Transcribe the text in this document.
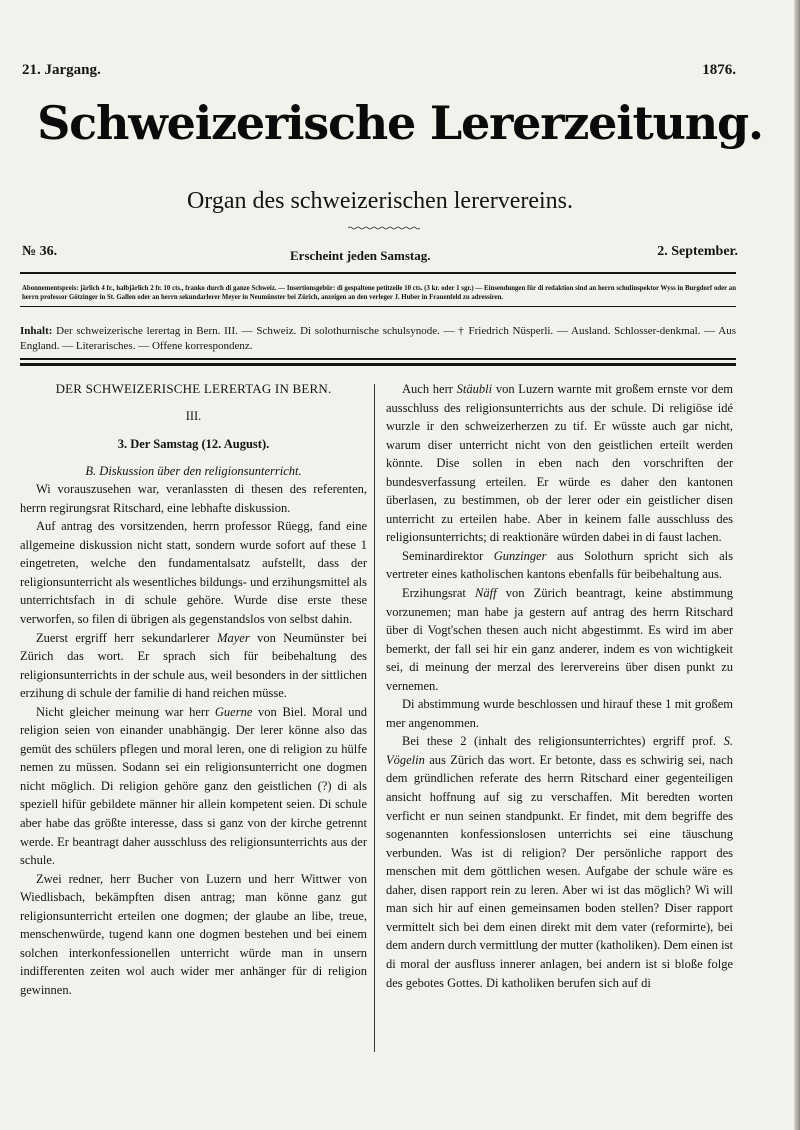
21. Jargang.	1876.
Schweizerische Lererzeitung.
Organ des schweizerischen lerervereins.
№ 36.	Erscheint jeden Samstag.	2. September.
Abonnementspreis: järlich 4 fr., halbjärlich 2 fr. 10 cts., franko durch di ganze Schweiz. — Insertionsgebür: di gespaltene petitzeile 10 cts. (3 kr. oder 1 sgr.) — Einsendungen für di redaktion sind an herrn schulinspektor Wyss in Burgdorf oder an herrn professor Götzinger in St. Gallen oder an herrn sekundarlerer Meyer in Neumünster bei Zürich, anzeigen an den verleger J. Huber in Frauenfeld zu adressiren.
Inhalt: Der schweizerische lerertag in Bern. III. — Schweiz. Di solothurnische schulsynode. — † Friedrich Nüsperli. — Ausland. Schlosser-denkmal. — Aus England. — Literarisches. — Offene korrespondenz.

DER SCHWEIZERISCHE LERERTAG IN BERN.

III.

3. Der Samstag (12. August).

B. Diskussion über den religionsunterricht.

Wi vorauszusehen war, veranlassten di thesen des referenten, herrn regirungsrat Ritschard, eine lebhafte diskussion.

Auf antrag des vorsitzenden, herrn professor Rüegg, fand eine allgemeine diskussion nicht statt, sondern wurde sofort auf these 1 eingetreten, welche den fundamentalsatz aufstellt, dass der religionsunterricht als wesentliches bildungs- und erzihungsmittel als unterrichtsfach in di schule gehöre. Wurde dise erste these verworfen, so filen di übrigen als gegenstandslos von selbst dahin.

Zuerst ergriff herr sekundarlerer Mayer von Neumünster bei Zürich das wort. Er sprach sich für beibehaltung des religionsunterrichts in der schule aus, weil besonders in der sittlichen erzihung di schule der familie di hand reichen müsse.

Nicht gleicher meinung war herr Guerne von Biel. Moral und religion seien von einander unabhängig. Der lerer könne also das gemüt des schülers pflegen und moral leren, one di religion zu hülfe nemen zu müssen. Sodann sei ein religionsunterricht one dogmen nicht möglich. Di religion gehöre ganz den geistlichen (?) di als speziell hifür gebildete männer hir allein kompetent seien. Di schule aber habe das größte interesse, dass si ganz von der kirche getrennt werde. Er beantragt daher ausschluss des religionsunterrichts aus der schule.

Zwei redner, herr Bucher von Luzern und herr Wittwer von Wiedlisbach, bekämpften disen antrag; man könne ganz gut religionsunterricht erteilen one dogmen; der glaube an libe, treue, menschenwürde, tugend kann one dogmen bestehen und bei einem solchen interkonfessionellen unterricht würde man in unsern indifferenten zeiten wol auch wider mer anhänger für di religion gewinnen.

Auch herr Stäubli von Luzern warnte mit großem ernste vor dem ausschluss des religionsunterrichts aus der schule. Di religiöse idé wurzle ir den schweizerherzen zu tif. Er wüsste auch gar nicht, warum diser unterricht nicht von den geistlichen erteilt werden könnte. Dise sollen in eben nach den vorschriften der bundesverfassung erteilen. Er würde es daher den kantonen überlasen, zu bestimmen, ob der lerer oder ein geistlicher disen unterricht zu erteilen habe. Aber in keinem falle ausschluss des religionsunterrichts; di reaktionäre würden dabei in di faust lachen.

Seminardirektor Gunzinger aus Solothurn spricht sich als vertreter eines katholischen kantons ebenfalls für beibehaltung aus.

Erzihungsrat Näff von Zürich beantragt, keine abstimmung vorzunemen; man habe ja gestern auf antrag des herrn Ritschard über di Vogt'schen thesen auch nicht abgestimmt. Es wird im aber bemerkt, der fall sei hir ein ganz anderer, indem es von wichtigkeit sei, di meinung der merzal des lerervereins über disen punkt zu vernemen.

Di abstimmung wurde beschlossen und hirauf these 1 mit großem mer angenommen.

Bei these 2 (inhalt des religionsunterrichtes) ergriff prof. S. Vögelin aus Zürich das wort. Er betonte, dass es schwirig sei, nach dem gründlichen referate des herrn Ritschard einer gegenteiligen ansicht hoffnung auf sig zu verschaffen. Mit beredten worten verficht er nun seinen standpunkt. Er findet, mit dem begriffe des sogenannten konfessionslosen unterrichts sei eine täuschung verbunden. Was ist di religion? Der persönliche rapport des menschen mit dem göttlichen wesen. Aufgabe der schule wäre es daher, disen rapport rein zu leren. Aber wi ist das möglich? Wi will man sich hir auf einen gemeinsamen boden stellen? Diser rapport vermittelt sich bei dem einen direkt mit dem vater (reformirte), bei dem andern durch vermittlung der mutter (katholiken). Dem einen ist di moral der ausfluss innerer anlagen, bei andern ist si bloße folge des gebotes Gottes. Di katholiken berufen sich auf di
